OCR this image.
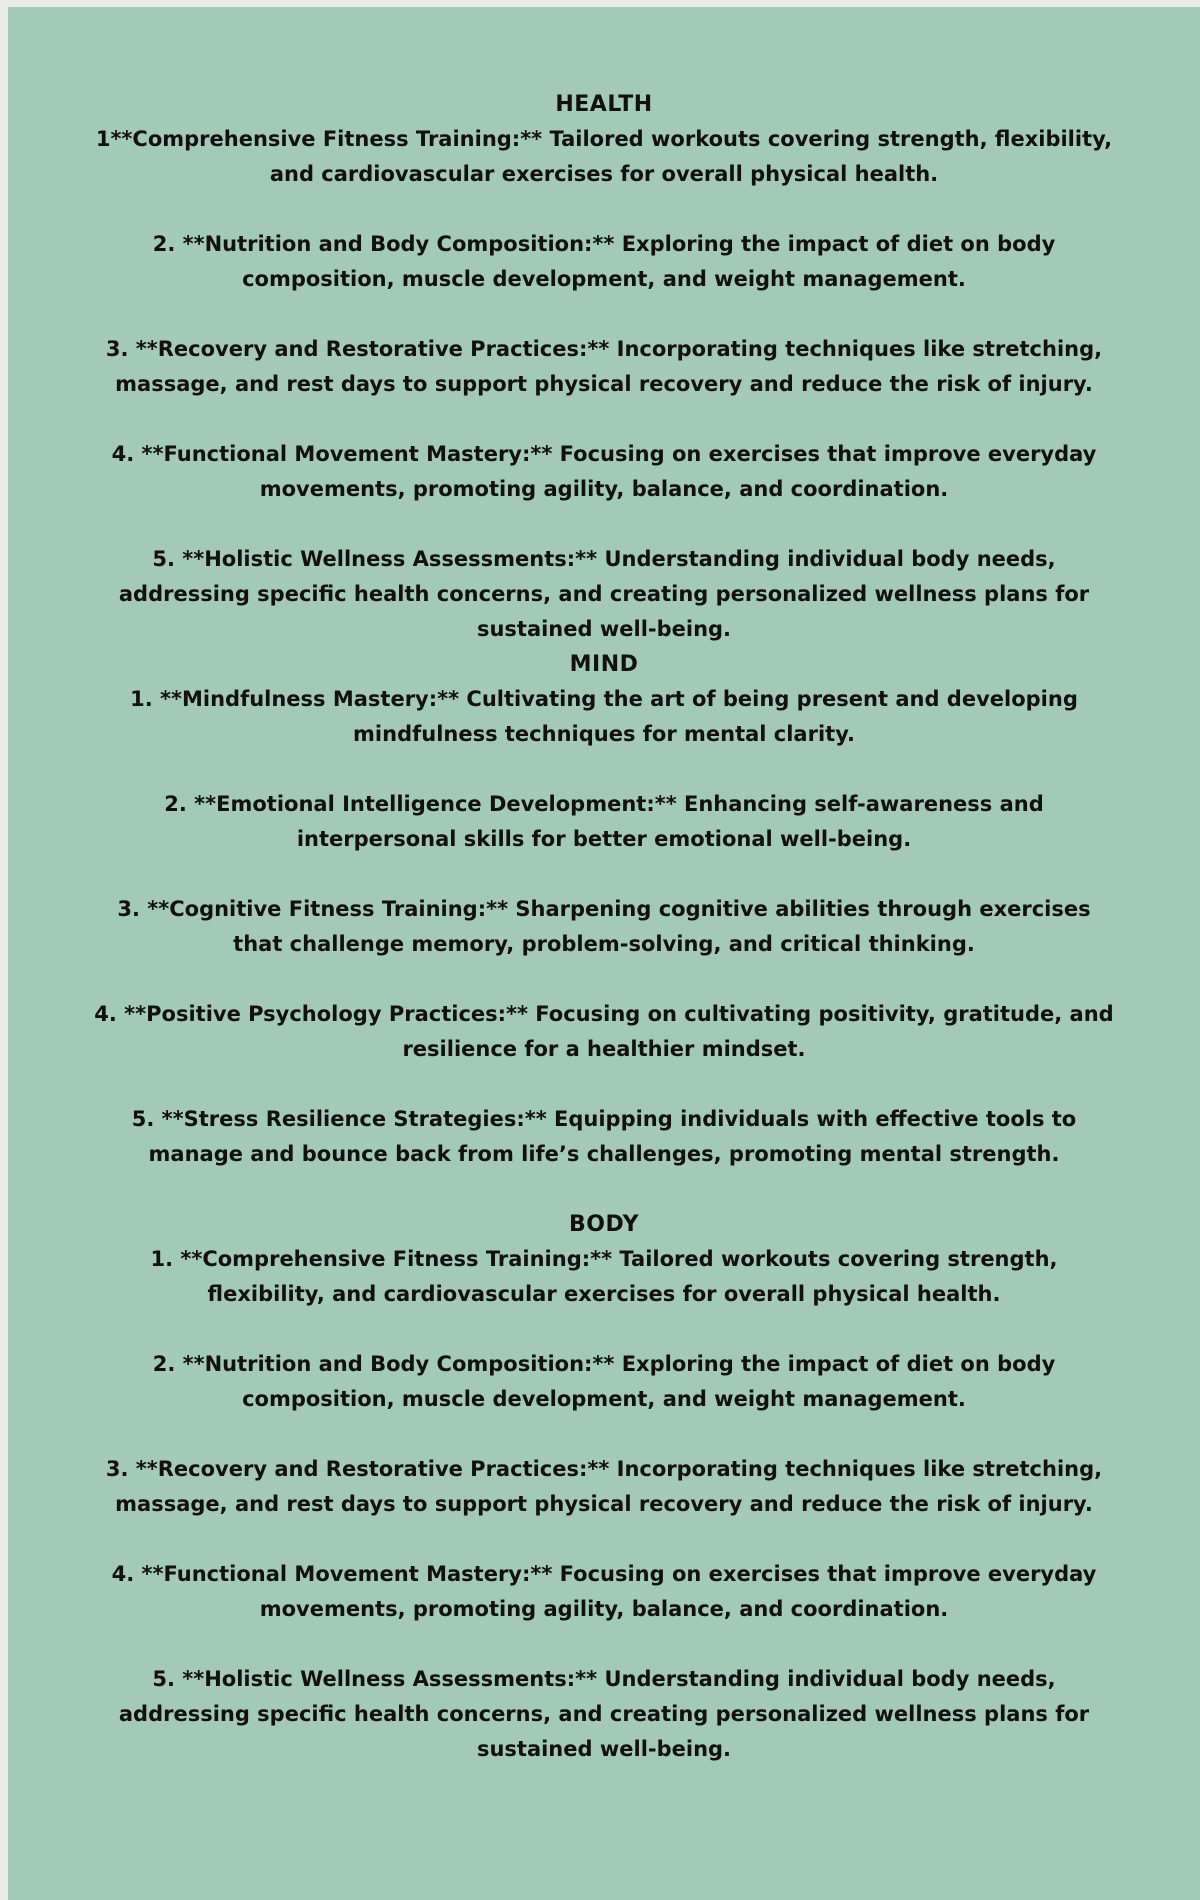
HEALTH

1**Comprehensive Fitness Training:** Tailored workouts covering strength, flexibility, and cardiovascular exercises for overall physical health.

2. **Nutrition and Body Composition:** Exploring the impact of diet on body composition, muscle development, and weight management.

3. **Recovery and Restorative Practices:** Incorporating techniques like stretching, massage, and rest days to support physical recovery and reduce the risk of injury.

4. **Functional Movement Mastery:** Focusing on exercises that improve everyday movements, promoting agility, balance, and coordination.

5. **Holistic Wellness Assessments:** Understanding individual body needs, addressing specific health concerns, and creating personalized wellness plans for sustained well-being.

MIND

1. **Mindfulness Mastery:** Cultivating the art of being present and developing mindfulness techniques for mental clarity.

2. **Emotional Intelligence Development:** Enhancing self-awareness and interpersonal skills for better emotional well-being.

3. **Cognitive Fitness Training:** Sharpening cognitive abilities through exercises that challenge memory, problem-solving, and critical thinking.

4. **Positive Psychology Practices:** Focusing on cultivating positivity, gratitude, and resilience for a healthier mindset.

5. **Stress Resilience Strategies:** Equipping individuals with effective tools to manage and bounce back from life’s challenges, promoting mental strength.

BODY

1. **Comprehensive Fitness Training:** Tailored workouts covering strength, flexibility, and cardiovascular exercises for overall physical health.

2. **Nutrition and Body Composition:** Exploring the impact of diet on body composition, muscle development, and weight management.

3. **Recovery and Restorative Practices:** Incorporating techniques like stretching, massage, and rest days to support physical recovery and reduce the risk of injury.

4. **Functional Movement Mastery:** Focusing on exercises that improve everyday movements, promoting agility, balance, and coordination.

5. **Holistic Wellness Assessments:** Understanding individual body needs, addressing specific health concerns, and creating personalized wellness plans for sustained well-being.
